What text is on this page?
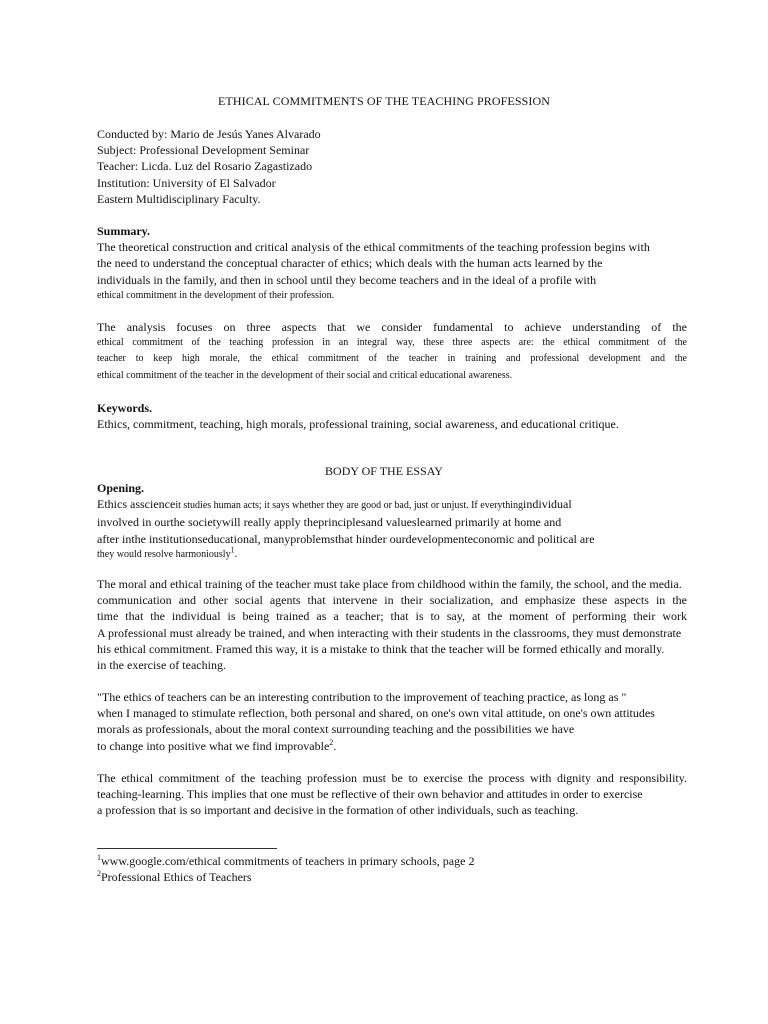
ETHICAL COMMITMENTS OF THE TEACHING PROFESSION
Conducted by: Mario de Jesús Yanes Alvarado
Subject: Professional Development Seminar
Teacher: Licda. Luz del Rosario Zagastizado
Institution: University of El Salvador
Eastern Multidisciplinary Faculty.
Summary.
The theoretical construction and critical analysis of the ethical commitments of the teaching profession begins with
the need to understand the conceptual character of ethics; which deals with the human acts learned by the
individuals in the family, and then in school until they become teachers and in the ideal of a profile with
ethical commitment in the development of their profession.
The analysis focuses on three aspects that we consider fundamental to achieve understanding of the
ethical commitment of the teaching profession in an integral way, these three aspects are: the ethical commitment of the
teacher to keep high morale, the ethical commitment of the teacher in training and professional development and the
ethical commitment of the teacher in the development of their social and critical educational awareness.
Keywords.
Ethics, commitment, teaching, high morals, professional training, social awareness, and educational critique.
BODY OF THE ESSAY
Opening.
Ethics asscienceit studies human acts; it says whether they are good or bad, just or unjust. If everythingindividual
involved in ourthe societywill really apply theprinciplesand valueslearned primarily at home and
after inthe institutionseducational, manyproblemsthat hinder ourdevelopmenteconomic and political are
they would resolve harmoniously$^1$.
The moral and ethical training of the teacher must take place from childhood within the family, the school, and the media.
communication and other social agents that intervene in their socialization, and emphasize these aspects in the
time that the individual is being trained as a teacher; that is to say, at the moment of performing their work
A professional must already be trained, and when interacting with their students in the classrooms, they must demonstrate
his ethical commitment. Framed this way, it is a mistake to think that the teacher will be formed ethically and morally.
in the exercise of teaching.
"The ethics of teachers can be an interesting contribution to the improvement of teaching practice, as long as "
when I managed to stimulate reflection, both personal and shared, on one's own vital attitude, on one's own attitudes
morals as professionals, about the moral context surrounding teaching and the possibilities we have
to change into positive what we find improvable$^2$.
The ethical commitment of the teaching profession must be to exercise the process with dignity and responsibility.
teaching-learning. This implies that one must be reflective of their own behavior and attitudes in order to exercise
a profession that is so important and decisive in the formation of other individuals, such as teaching.
$^1$www.google.com/ethical commitments of teachers in primary schools, page 2
$^2$Professional Ethics of Teachers
